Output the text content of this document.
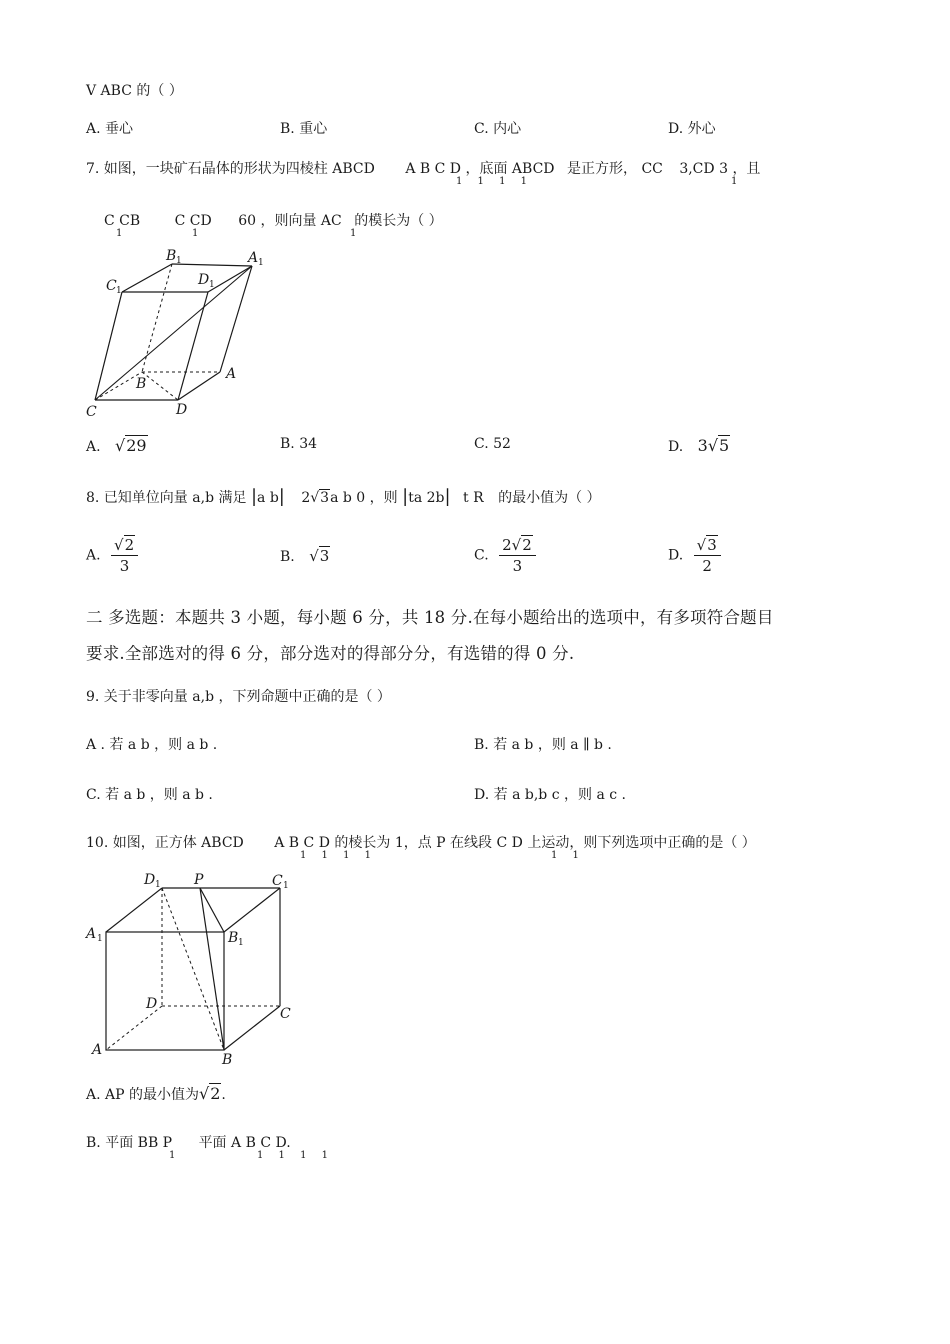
V ABC 的（ ）
A. 垂心	B. 重心	C. 内心	D. 外心
7. 如图，一块矿石晶体的形状为四棱柱 ABCD A B C D ，底面 ABCD 是正方形， CC 3,CD 3 ，且
1 1 1 1	1
C CB C CD 60 ，则向量 AC 的模长为（ ）
1	1	1
B 1	A 1
C 1
D 1
B
A
C	D
A. √29	B. 34	C. 52	D. 3√5
8. 已知单位向量 a,b 满足 |a b| 2√3a b 0 ，则 |ta 2b| t R 的最小值为（ ）
A. $\frac{√2}{3}$	B. √3	C. $\frac{2√2}{3}$	D. $\frac{√3}{2}$
二 多选题：本题共 3 小题，每小题 6 分，共 18 分.在每小题给出的选项中，有多项符合题目
要求.全部选对的得 6 分，部分选对的得部分分，有选错的得 0 分.
9. 关于非零向量 a,b ，下列命题中正确的是（ ）
A . 若 a b ，则 a b .	B. 若 a b ，则 a ∥ b .
C. 若 a b ，则 a b .	D. 若 a b,b c ，则 a c .
10. 如图，正方体 ABCD A B C D 的棱长为 1，点 P 在线段 C D 上运动，则下列选项中正确的是（ ）
1 1 1 1	1 1
D 1 P	C 1
A 1	B 1
D
C
A
B
A. AP 的最小值为√2.
B. 平面 BB P 平面 A B C D.
1	1 1 1 1
